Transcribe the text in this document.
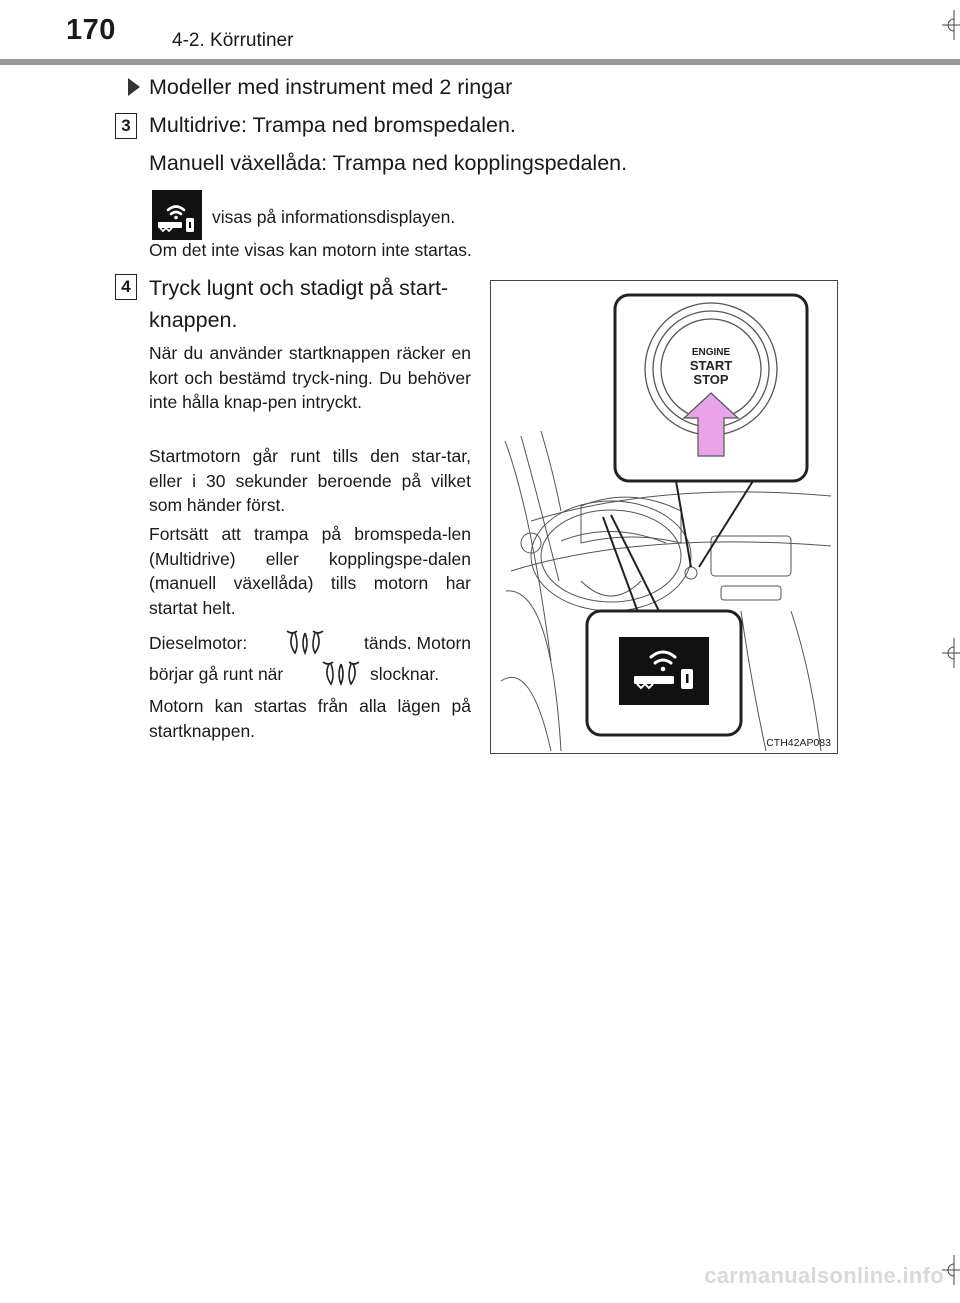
170	4-2. Körrutiner
Modeller med instrument med 2 ringar
3 Multidrive: Trampa ned bromspedalen.
Manuell växellåda: Trampa ned kopplingspedalen.
visas på informationsdisplayen.
Om det inte visas kan motorn inte startas.
4 Tryck lugnt och stadigt på start-
knappen.
När du använder startknappen räcker en kort och bestämd tryck-ning. Du behöver inte hålla knap-pen intryckt.
Startmotorn går runt tills den star-tar, eller i 30 sekunder beroende på vilket som händer först.
Fortsätt att trampa på bromspeda-len (Multidrive) eller kopplingspe-dalen (manuell växellåda) tills motorn har startat helt.
Dieselmotor:	tänds. Motorn
börjar gå runt när	slocknar.
Motorn kan startas från alla lägen på startknappen.
ENGINE
START
STOP
CTH42AP083
carmanualsonline.info
